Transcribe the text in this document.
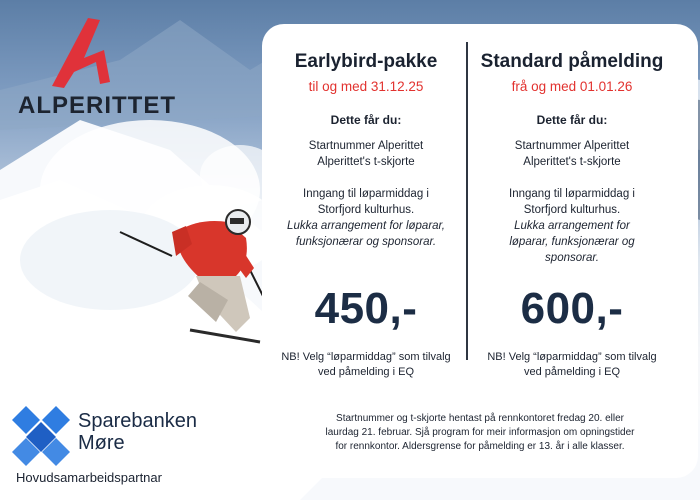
ALPERITTET
Earlybird-pakke
til og med 31.12.25
Dette får du:
Startnummer Alperittet
Alperittet's t-skjorte
Inngang til løparmiddag i
Storfjord kulturhus.
Lukka arrangement for løparar,
funksjonærar og sponsorar.
Standard påmelding
frå og med 01.01.26
Dette får du:
Startnummer Alperittet
Alperittet's t-skjorte
Inngang til løparmiddag i
Storfjord kulturhus.
Lukka arrangement for
løparar, funksjonærar og
sponsorar.
450,-	600,-
NB! Velg “løparmiddag” som tilvalg
ved påmelding i EQ
NB! Velg “løparmiddag” som tilvalg
ved påmelding i EQ
Startnummer og t-skjorte hentast på rennkontoret fredag 20. eller
laurdag 21. februar. Sjå program for meir informasjon om opningstider
for rennkontor. Aldersgrense for påmelding er 13. år i alle klasser.
Sparebanken
Møre
Hovudsamarbeidspartnar
